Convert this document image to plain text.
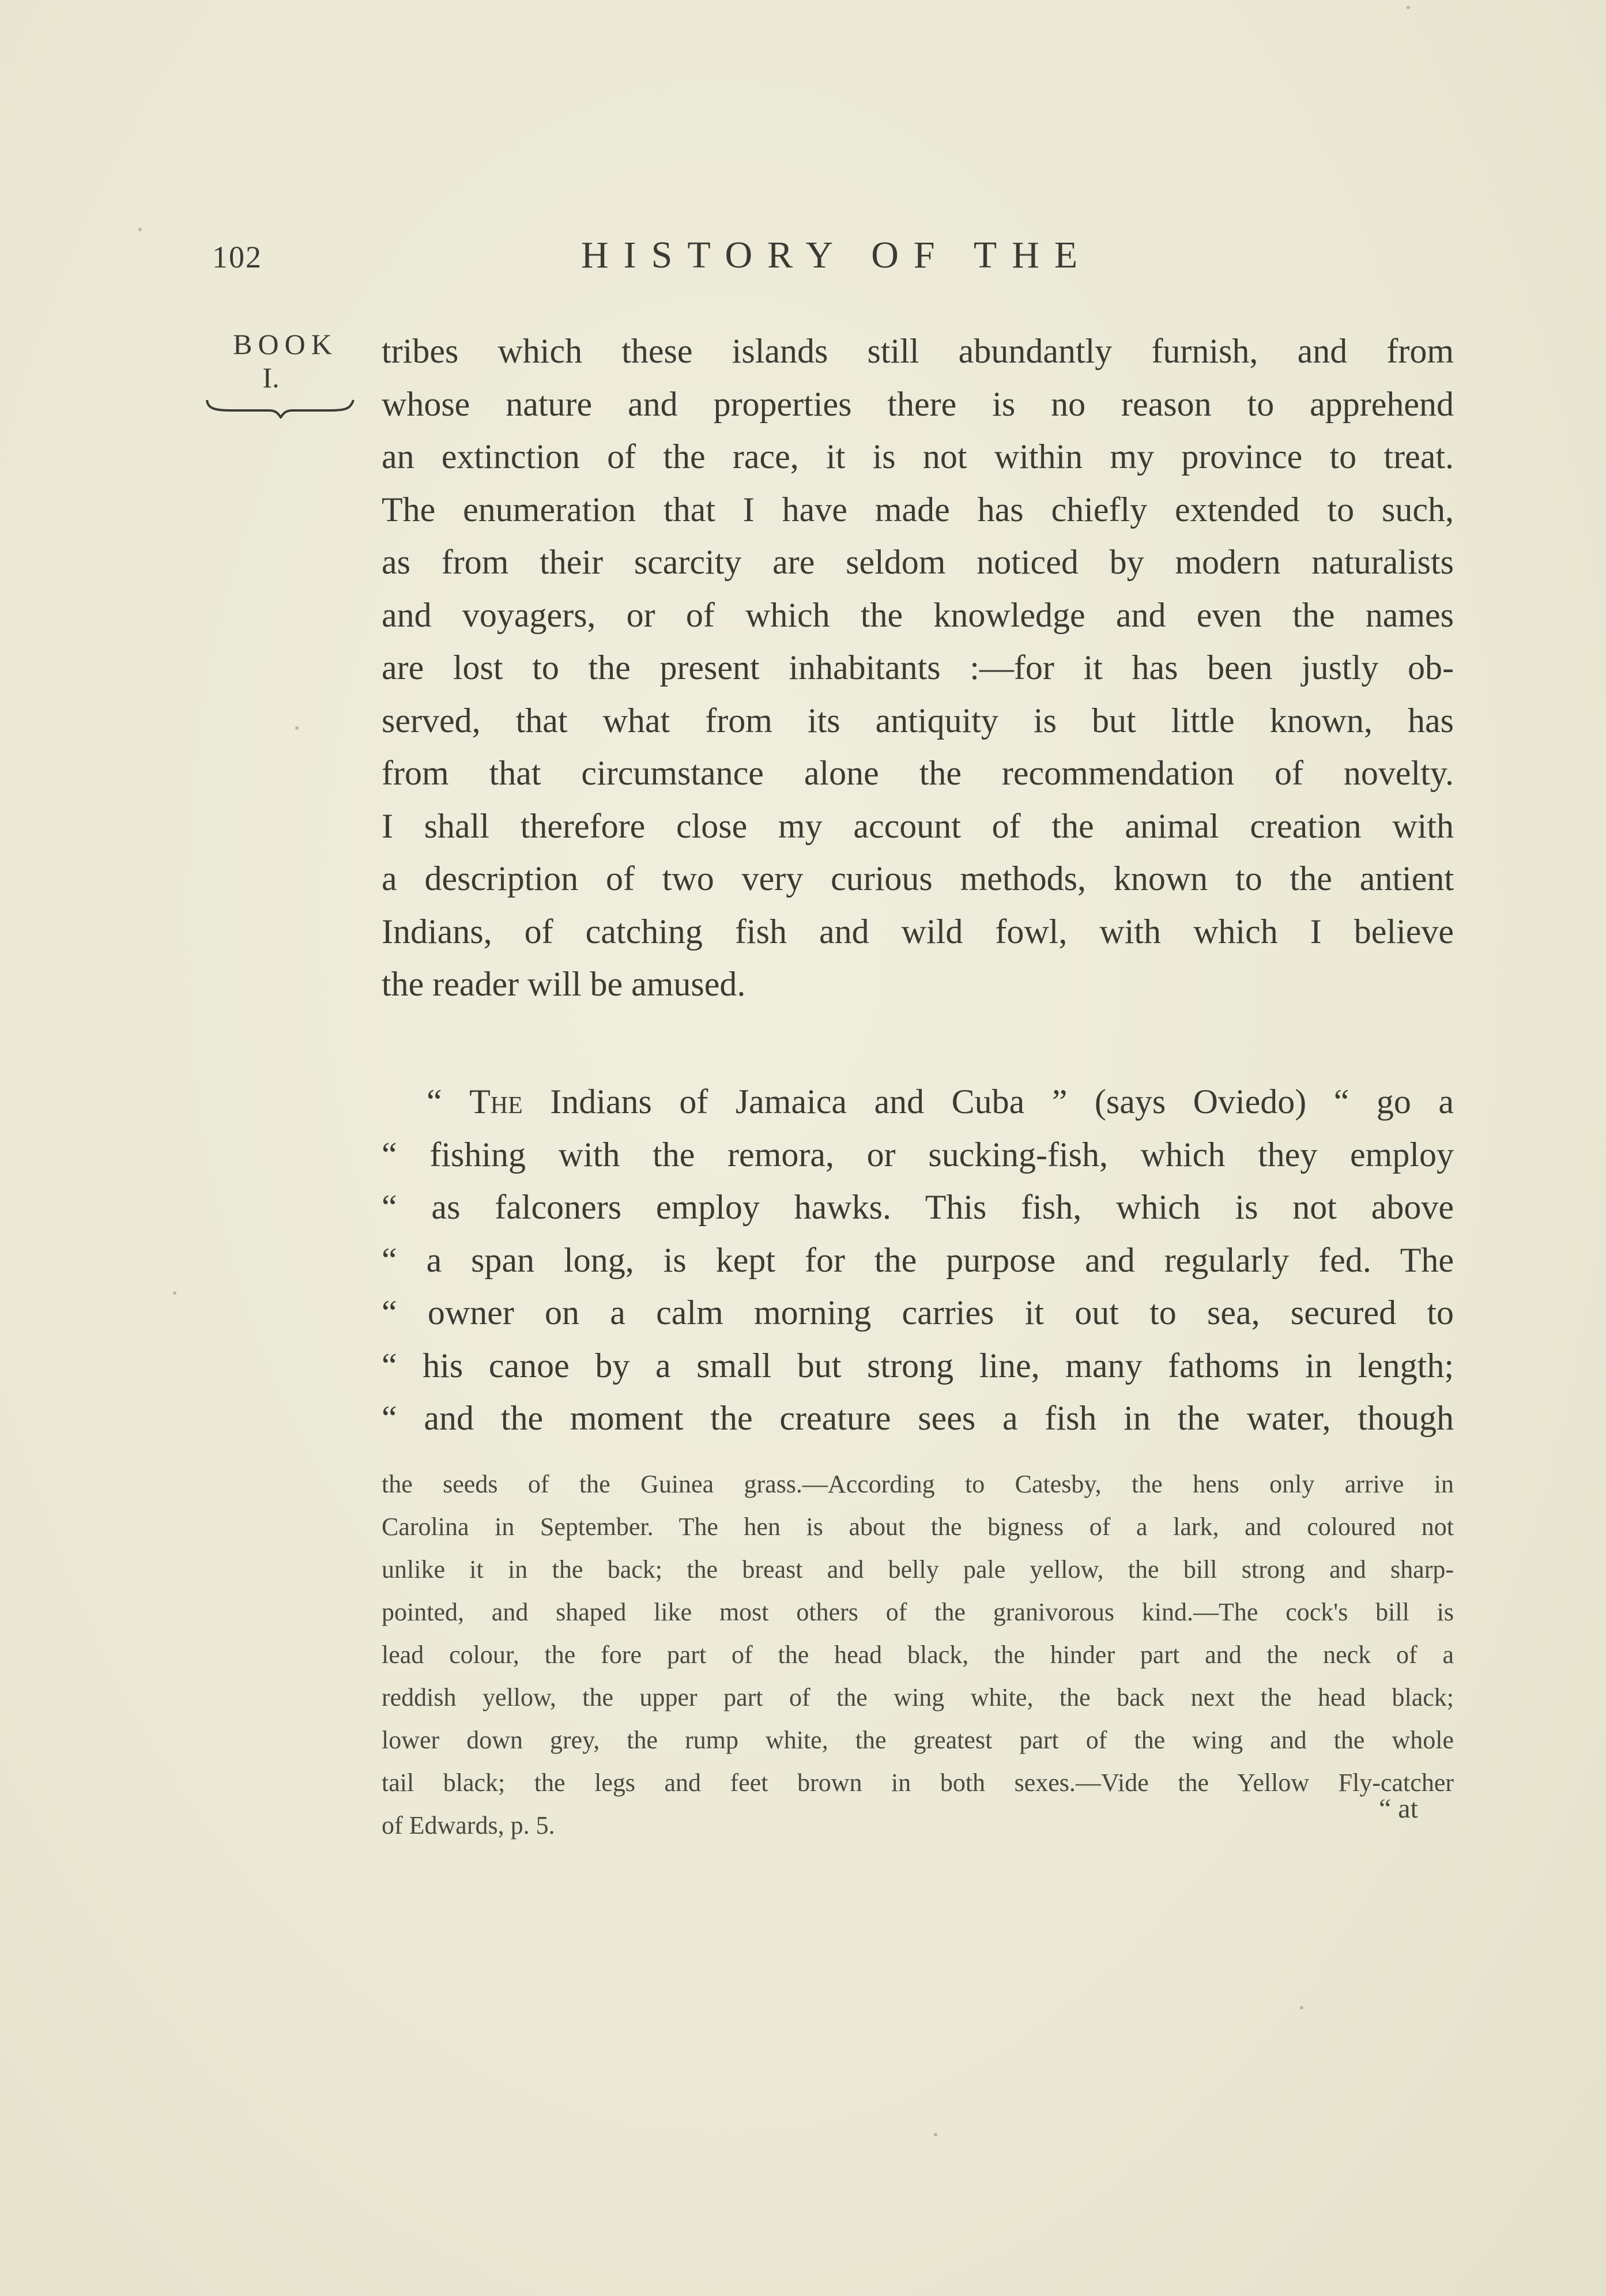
102	HISTORY OF THE
BOOK
I.
tribes which these islands still abundantly furnish, and from
whose nature and properties there is no reason to apprehend
an extinction of the race, it is not within my province to treat.
The enumeration that I have made has chiefly extended to such,
as from their scarcity are seldom noticed by modern naturalists
and voyagers, or of which the knowledge and even the names
are lost to the present inhabitants :—for it has been justly ob-
served, that what from its antiquity is but little known, has
from that circumstance alone the recommendation of novelty.
I shall therefore close my account of the animal creation with
a description of two very curious methods, known to the antient
Indians, of catching fish and wild fowl, with which I believe
the reader will be amused.
“ The Indians of Jamaica and Cuba ” (says Oviedo) “ go a
“ fishing with the remora, or sucking-fish, which they employ
“ as falconers employ hawks. This fish, which is not above
“ a span long, is kept for the purpose and regularly fed. The
“ owner on a calm morning carries it out to sea, secured to
“ his canoe by a small but strong line, many fathoms in length;
“ and the moment the creature sees a fish in the water, though
the seeds of the Guinea grass.—According to Catesby, the hens only arrive in
Carolina in September. The hen is about the bigness of a lark, and coloured not
unlike it in the back; the breast and belly pale yellow, the bill strong and sharp-
pointed, and shaped like most others of the granivorous kind.—The cock's bill is
lead colour, the fore part of the head black, the hinder part and the neck of a
reddish yellow, the upper part of the wing white, the back next the head black;
lower down grey, the rump white, the greatest part of the wing and the whole
tail black; the legs and feet brown in both sexes.—Vide the Yellow Fly-catcher
of Edwards, p. 5.
“ at
